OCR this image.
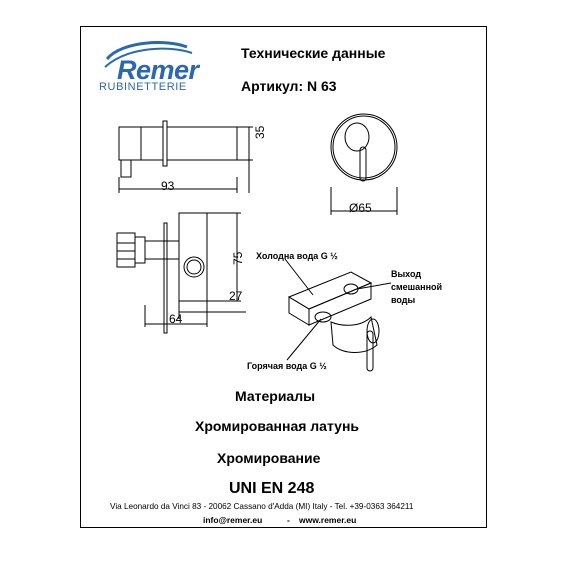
Remer
RUBINETTERIE
Технические данные
Артикул: N 63
93
35
Ø65
75
27
64
Холодна вода G ½
Горячая вода G ½
Выход смешанной воды
Материалы
Хромированная латунь
Хромирование
UNI EN 248
Via Leonardo da Vinci 83 - 20062 Cassano d'Adda (MI) Italy - Tel. +39-0363 364211
info@remer.eu	- www.remer.eu
